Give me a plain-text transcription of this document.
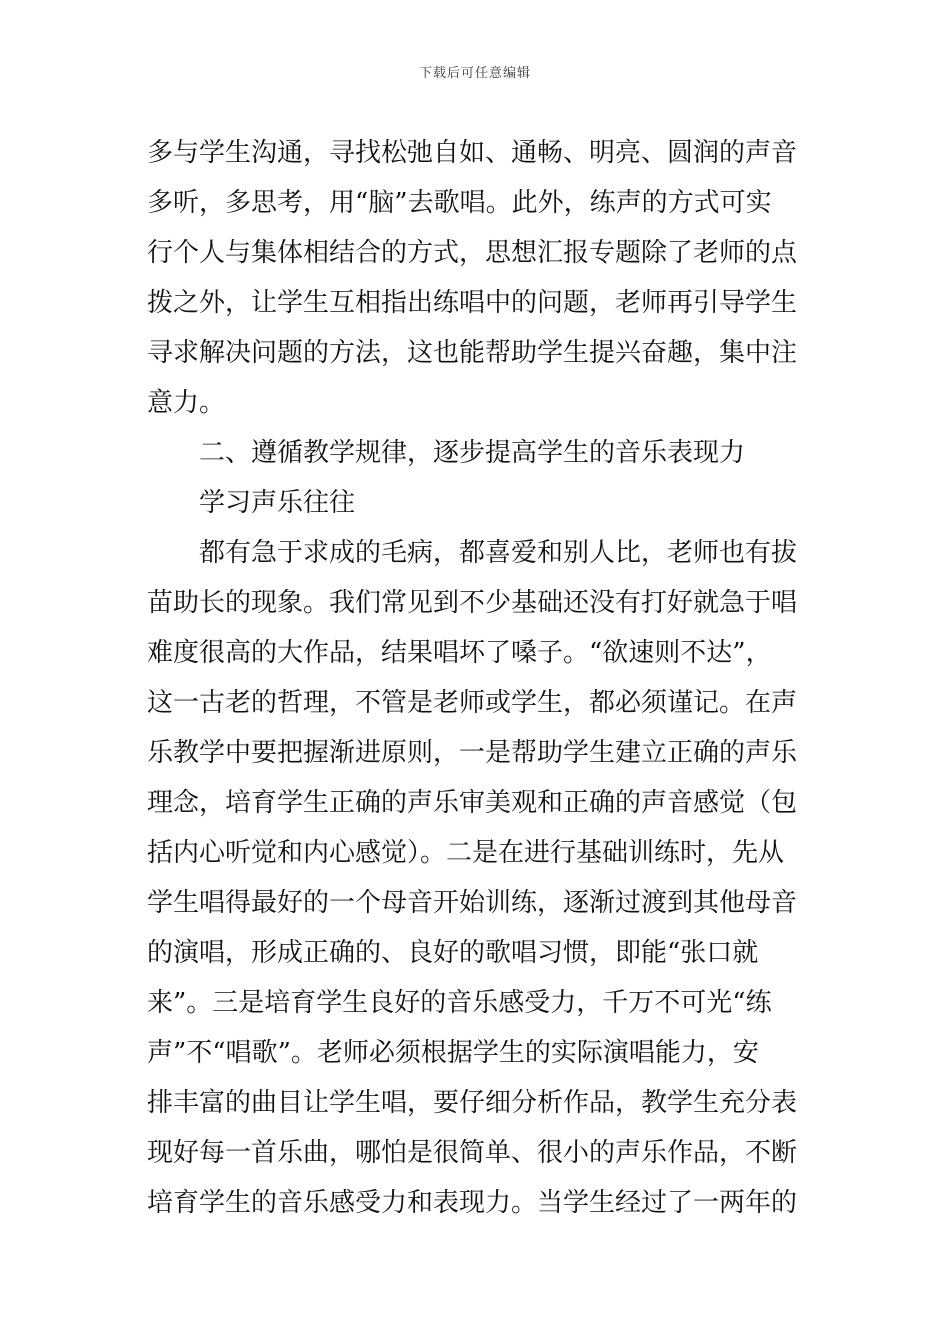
下载后可任意编辑
多与学生沟通，寻找松弛自如、通畅、明亮、圆润的声音
多听，多思考，用“脑”去歌唱。此外，练声的方式可实
行个人与集体相结合的方式，思想汇报专题除了老师的点
拨之外，让学生互相指出练唱中的问题，老师再引导学生
寻求解决问题的方法，这也能帮助学生提兴奋趣，集中注
意力。
二、遵循教学规律，逐步提高学生的音乐表现力
学习声乐往往
都有急于求成的毛病，都喜爱和别人比，老师也有拔
苗助长的现象。我们常见到不少基础还没有打好就急于唱
难度很高的大作品，结果唱坏了嗓子。“欲速则不达”，
这一古老的哲理，不管是老师或学生，都必须谨记。在声
乐教学中要把握渐进原则，一是帮助学生建立正确的声乐
理念，培育学生正确的声乐审美观和正确的声音感觉（包
括内心听觉和内心感觉）。二是在进行基础训练时，先从
学生唱得最好的一个母音开始训练，逐渐过渡到其他母音
的演唱，形成正确的、良好的歌唱习惯，即能“张口就
来”。三是培育学生良好的音乐感受力，千万不可光“练
声”不“唱歌”。老师必须根据学生的实际演唱能力，安
排丰富的曲目让学生唱，要仔细分析作品，教学生充分表
现好每一首乐曲，哪怕是很简单、很小的声乐作品，不断
培育学生的音乐感受力和表现力。当学生经过了一两年的
